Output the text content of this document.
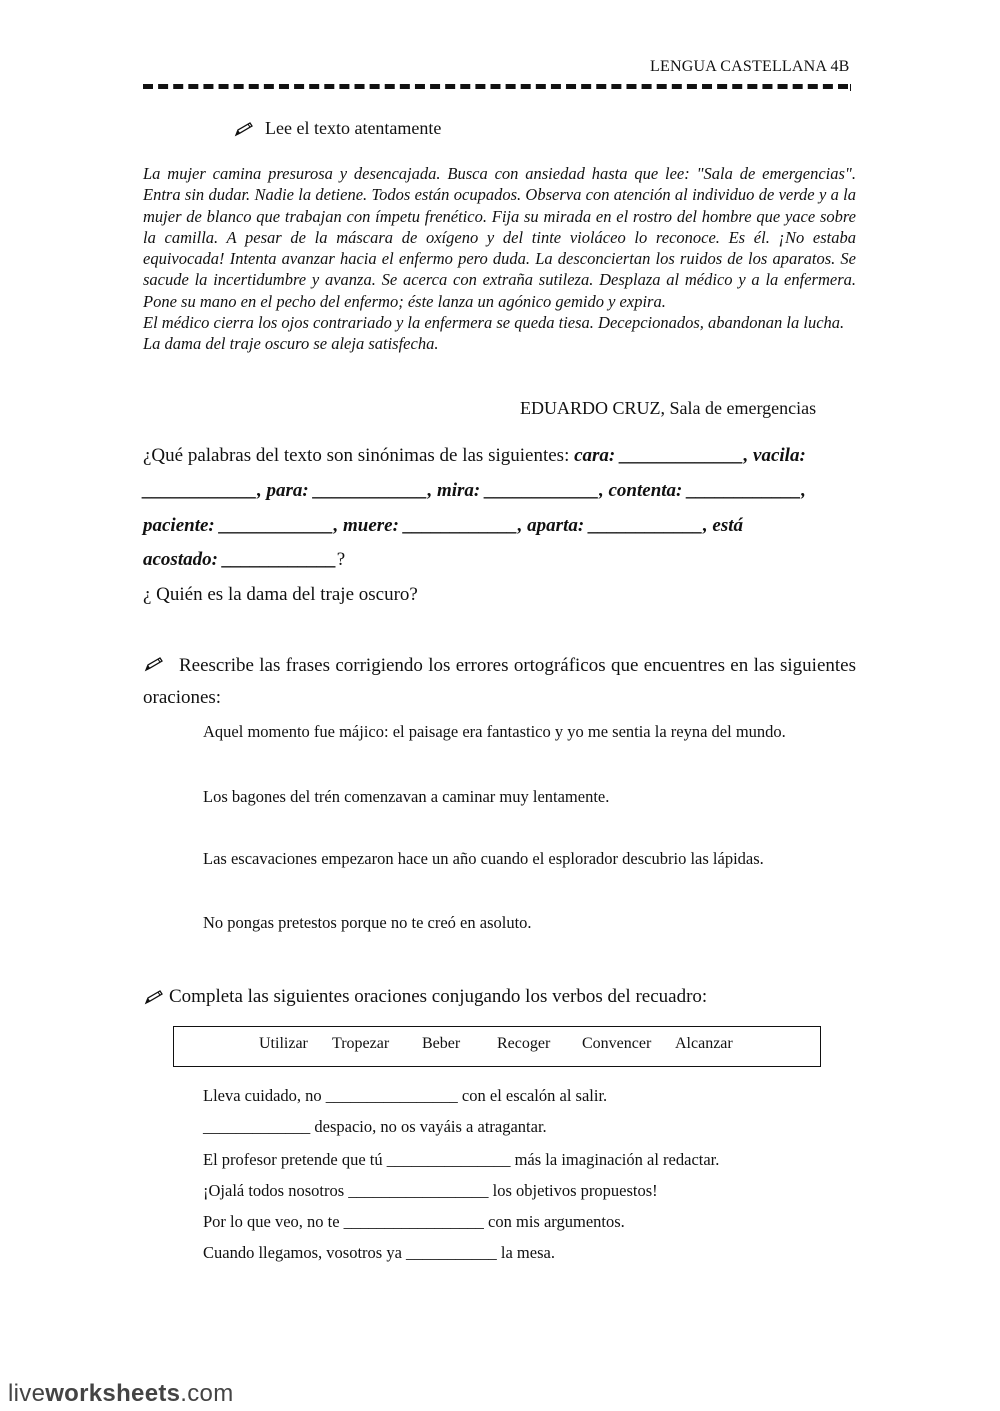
LENGUA CASTELLANA 4B
Lee el texto atentamente

La mujer camina presurosa y desencajada. Busca con ansiedad hasta que lee: "Sala de emergencias". Entra sin dudar. Nadie la detiene. Todos están ocupados. Observa con atención al individuo de verde y a la mujer de blanco que trabajan con ímpetu frenético. Fija su mirada en el rostro del hombre que yace sobre la camilla. A pesar de la máscara de oxígeno y del tinte violáceo lo reconoce. Es él. ¡No estaba equivocada! Intenta avanzar hacia el enfermo pero duda. La desconciertan los ruidos de los aparatos. Se sacude la incertidumbre y avanza. Se acerca con extraña sutileza. Desplaza al médico y a la enfermera. Pone su mano en el pecho del enfermo; éste lanza un agónico gemido y expira.

El médico cierra los ojos contrariado y la enfermera se queda tiesa. Decepcionados, abandonan la lucha.

La dama del traje oscuro se aleja satisfecha.

EDUARDO CRUZ, Sala de emergencias
¿Qué palabras del texto son sinónimas de las siguientes: cara: _____________, vacila:
____________, para: ____________, mira: ____________, contenta: ____________,
paciente: ____________, muere: ____________, aparta: ____________, está
acostado: ____________?
¿ Quién es la dama del traje oscuro?
Reescribe las frases corrigiendo los errores ortográficos que encuentres en las siguientes oraciones:
Aquel momento fue májico: el paisage era fantastico y yo me sentia la reyna del mundo.
Los bagones del trén comenzavan a caminar muy lentamente.
Las escavaciones empezaron hace un año cuando el esplorador descubrio las lápidas.
No pongas pretestos porque no te creó en asoluto.
Completa las siguientes oraciones conjugando los verbos del recuadro:
Utilizar Tropezar Beber Recoger Convencer Alcanzar
Lleva cuidado, no ________________ con el escalón al salir.
_____________ despacio, no os vayáis a atragantar.
El profesor pretende que tú _______________ más la imaginación al redactar.
¡Ojalá todos nosotros _________________ los objetivos propuestos!
Por lo que veo, no te _________________ con mis argumentos.
Cuando llegamos, vosotros ya ___________ la mesa.
liveworksheets.com
